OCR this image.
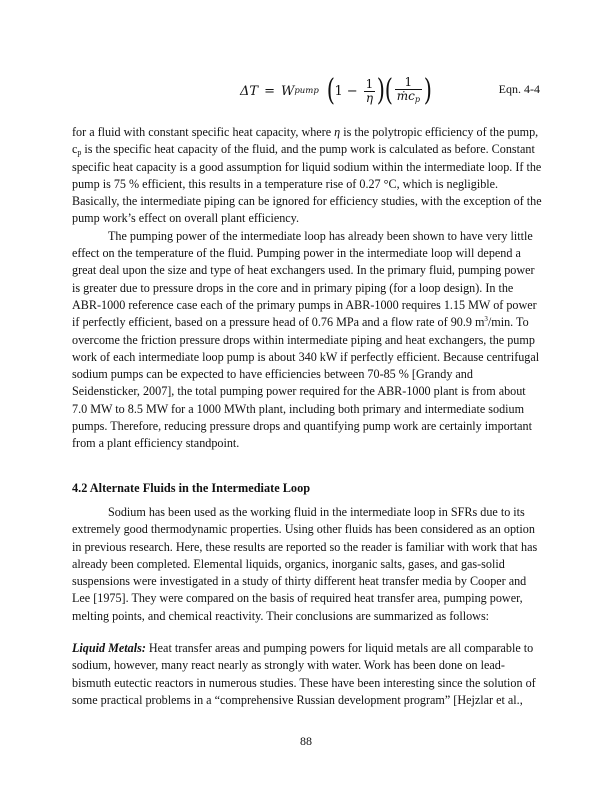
ΔT = W pump ( $1 - \frac{1}{\eta}$ ) ( $\frac{1}{ṁc_p}$ )	Eqn. 4-4

for a fluid with constant specific heat capacity, where η is the polytropic efficiency of the pump, $c_p$ is the specific heat capacity of the fluid, and the pump work is calculated as before. Constant specific heat capacity is a good assumption for liquid sodium within the intermediate loop. If the pump is 75 % efficient, this results in a temperature rise of 0.27 °C, which is negligible. Basically, the intermediate piping can be ignored for efficiency studies, with the exception of the pump work’s effect on overall plant efficiency.

The pumping power of the intermediate loop has already been shown to have very little effect on the temperature of the fluid. Pumping power in the intermediate loop will depend a great deal upon the size and type of heat exchangers used. In the primary fluid, pumping power is greater due to pressure drops in the core and in primary piping (for a loop design). In the ABR-1000 reference case each of the primary pumps in ABR-1000 requires 1.15 MW of power if perfectly efficient, based on a pressure head of 0.76 MPa and a flow rate of 90.9 $m^3/\min$. To overcome the friction pressure drops within intermediate piping and heat exchangers, the pump work of each intermediate loop pump is about 340 kW if perfectly efficient. Because centrifugal sodium pumps can be expected to have efficiencies between 70-85 % [Grandy and Seidensticker, 2007], the total pumping power required for the ABR-1000 plant is from about 7.0 MW to 8.5 MW for a 1000 MWth plant, including both primary and intermediate sodium pumps. Therefore, reducing pressure drops and quantifying pump work are certainly important from a plant efficiency standpoint.

4.2 Alternate Fluids in the Intermediate Loop

Sodium has been used as the working fluid in the intermediate loop in SFRs due to its extremely good thermodynamic properties. Using other fluids has been considered as an option in previous research. Here, these results are reported so the reader is familiar with work that has already been completed. Elemental liquids, organics, inorganic salts, gases, and gas-solid suspensions were investigated in a study of thirty different heat transfer media by Cooper and Lee [1975]. They were compared on the basis of required heat transfer area, pumping power, melting points, and chemical reactivity. Their conclusions are summarized as follows:

Liquid Metals: Heat transfer areas and pumping powers for liquid metals are all comparable to sodium, however, many react nearly as strongly with water. Work has been done on lead-bismuth eutectic reactors in numerous studies. These have been interesting since the solution of some practical problems in a “comprehensive Russian development program” [Hejzlar et al.,

88
